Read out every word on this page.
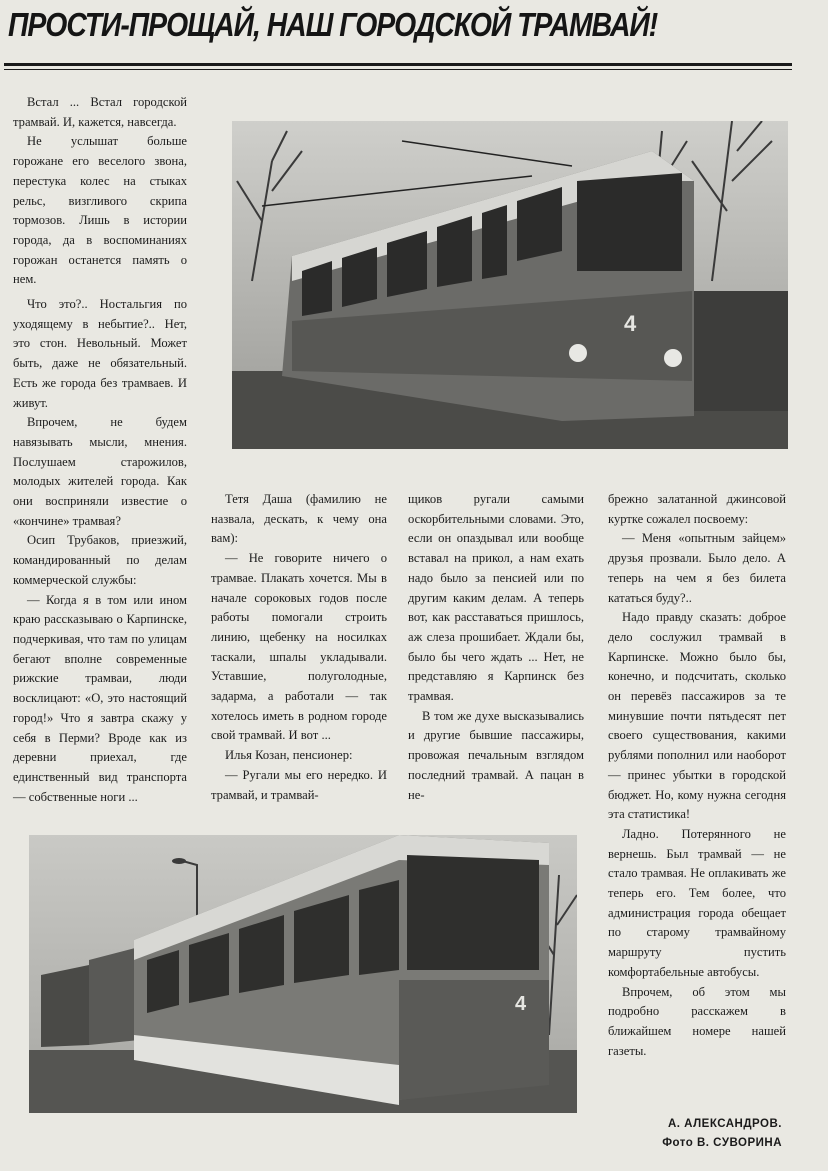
ПРОСТИ-ПРОЩАЙ, НАШ ГОРОДСКОЙ ТРАМВАЙ!

Встал ... Встал городской трамвай. И, кажется, навсегда.

Не услышат больше горожане его веселого звона, перестука колес на стыках рельс, визгливого скрипа тормозов. Лишь в истории города, да в воспоминаниях горожан останется память о нем.

Что это?.. Ностальгия по уходящему в небытие?.. Нет, это стон. Невольный. Может быть, даже не обязательный. Есть же города без трамваев. И живут.

Впрочем, не будем навязывать мысли, мнения. Послушаем старожилов, молодых жителей города. Как они восприняли известие о «кончине» трамвая?

Осип Трубаков, приезжий, командированный по делам коммерческой службы:

— Когда я в том или ином краю рассказываю о Карпинске, подчеркивая, что там по улицам бегают вполне современные рижские трамваи, люди восклицают: «О, это настоящий город!» Что я завтра скажу у себя в Перми? Вроде как из деревни приехал, где единственный вид транспорта — собственные ноги ...

4

Тетя Даша (фамилию не назвала, дескать, к чему она вам):

— Не говорите ничего о трамвае. Плакать хочется. Мы в начале сороковых годов после работы помогали строить линию, щебенку на носилках таскали, шпалы укладывали. Уставшие, полуголодные, задарма, а работали — так хотелось иметь в родном городе свой трамвай. И вот ...

Илья Козан, пенсионер:

— Ругали мы его нередко. И трамвай, и трамвай-

щиков ругали самыми оскорбительными словами. Это, если он опаздывал или вообще вставал на прикол, а нам ехать надо было за пенсией или по другим каким делам. А теперь вот, как расставаться пришлось, аж слеза прошибает. Ждали бы, было бы чего ждать ... Нет, не представляю я Карпинск без трамвая.

В том же духе высказывались и другие бывшие пассажиры, провожая печальным взглядом последний трамвай. А пацан в не-

брежно залатанной джинсовой куртке сожалел посвоему:

— Меня «опытным зайцем» друзья прозвали. Было дело. А теперь на чем я без билета кататься буду?..

Надо правду сказать: доброе дело сослужил трамвай в Карпинске. Можно было бы, конечно, и подсчитать, сколько он перевёз пассажиров за те минувшие почти пятьдесят пет своего существования, какими рублями пополнил или наоборот — принес убытки в городской бюджет. Но, кому нужна сегодня эта статистика!

Ладно. Потерянного не вернешь. Был трамвай — не стало трамвая. Не оплакивать же теперь его. Тем более, что администрация города обещает по старому трамвайному маршруту пустить комфортабельные автобусы.

Впрочем, об этом мы подробно расскажем в ближайшем номере нашей газеты.

4
А. АЛЕКСАНДРОВ.
Фото В. СУВОРИНА
